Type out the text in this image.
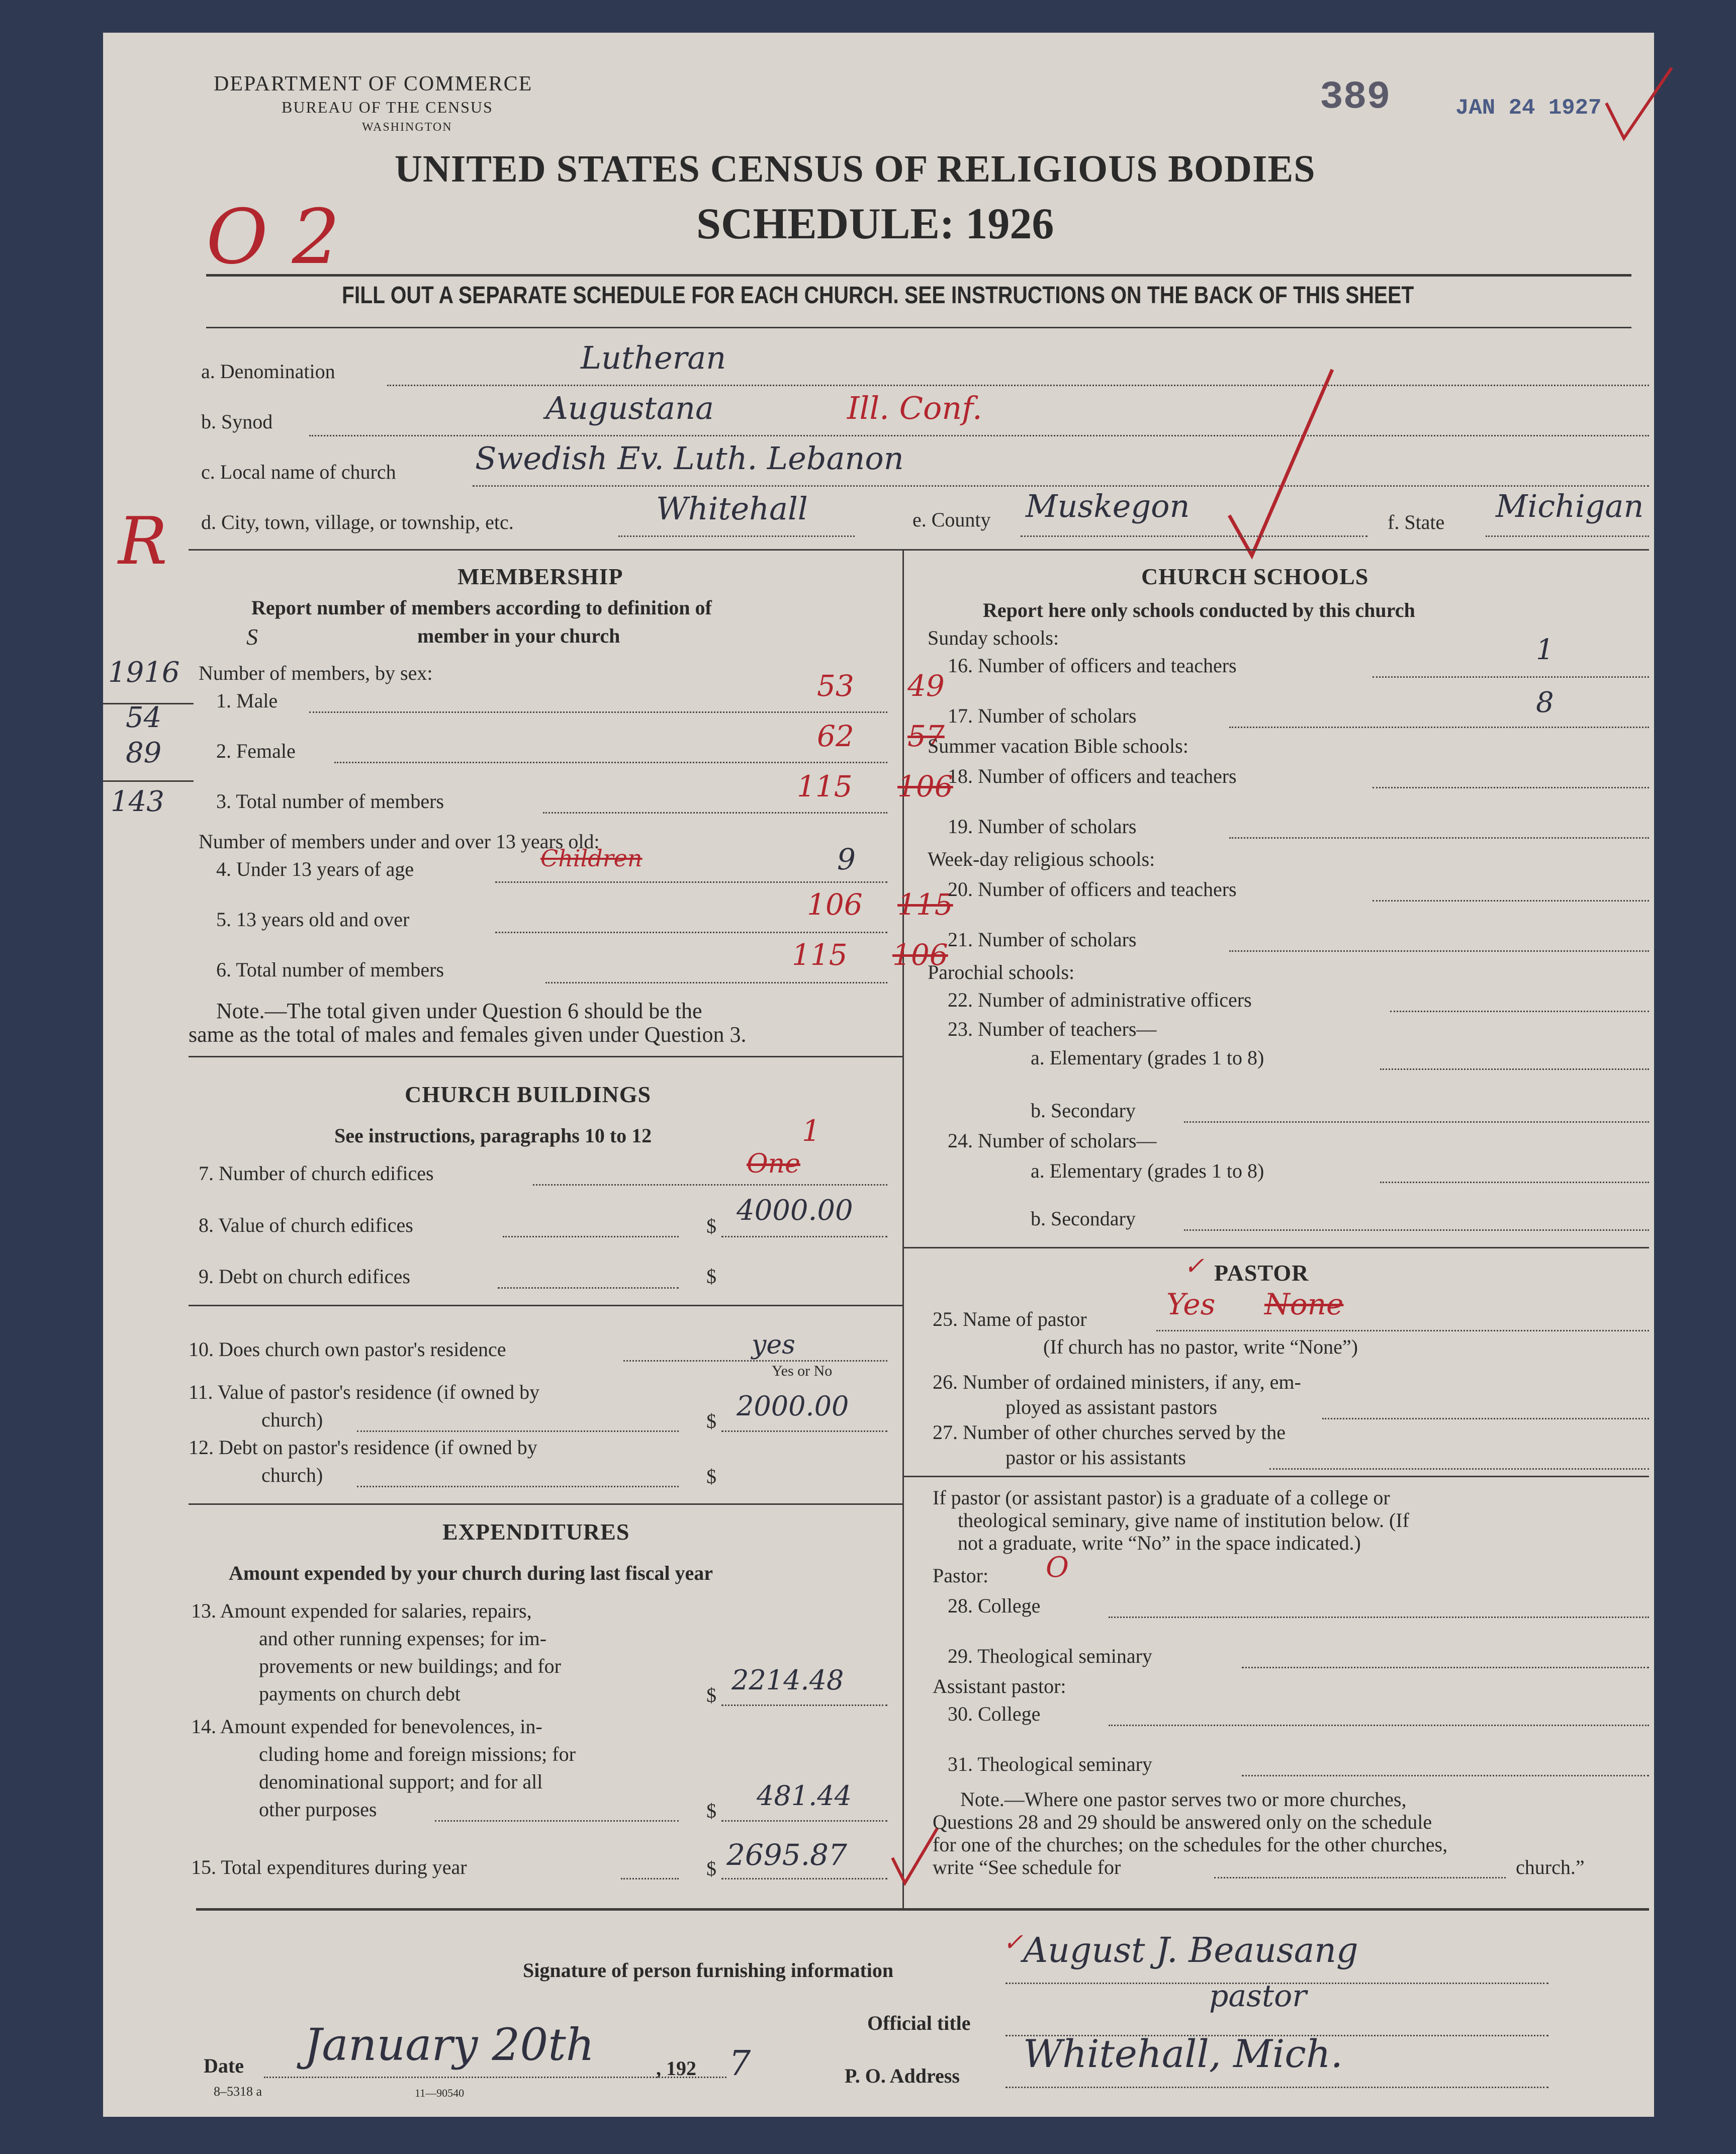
DEPARTMENT OF COMMERCE
BUREAU OF THE CENSUS
WASHINGTON
UNITED STATES CENSUS OF RELIGIOUS BODIES
SCHEDULE: 1926
389	JAN 24 1927
O 2
R
FILL OUT A SEPARATE SCHEDULE FOR EACH CHURCH. SEE INSTRUCTIONS ON THE BACK OF THIS SHEET
a. Denomination	Lutheran
b. Synod	Augustana	Ill. Conf.
c. Local name of church	Swedish Ev. Luth. Lebanon
d. City, town, village, or township, etc.	Whitehall	e. County Muskegon	f. State Michigan
MEMBERSHIP
Report number of members according to definition of
member in your church
S
1916
54
89
143
Number of members, by sex:
1. Male	53 49
2. Female	62 57
3. Total number of members	115 106
Number of members under and over 13 years old:
4. Under 13 years of age	Children	9
5. 13 years old and over	106 115
6. Total number of members	115 106
Note.—The total given under Question 6 should be the
same as the total of males and females given under Question 3.
CHURCH BUILDINGS
See instructions, paragraphs 10 to 12	1
7. Number of church edifices	One
8. Value of church edifices	$ 4000.00
9. Debt on church edifices	$
10. Does church own pastor's residence	yes
Yes or No
11. Value of pastor's residence (if owned by
church)	$ 2000.00
12. Debt on pastor's residence (if owned by
church)	$
EXPENDITURES
Amount expended by your church during last fiscal year
13. Amount expended for salaries, repairs,
and other running expenses; for im-
provements or new buildings; and for
payments on church debt	$ 2214.48
14. Amount expended for benevolences, in-
cluding home and foreign missions; for
denominational support; and for all
other purposes	$ 481.44
15. Total expenditures during year	$ 2695.87
CHURCH SCHOOLS
Report here only schools conducted by this church
Sunday schools:
16. Number of officers and teachers	1
17. Number of scholars	8
Summer vacation Bible schools:
18. Number of officers and teachers
19. Number of scholars
Week-day religious schools:
20. Number of officers and teachers
21. Number of scholars
Parochial schools:
22. Number of administrative officers
23. Number of teachers—
a. Elementary (grades 1 to 8)
b. Secondary
24. Number of scholars—
a. Elementary (grades 1 to 8)
b. Secondary
✓ PASTOR
25. Name of pastor	Yes None
(If church has no pastor, write “None”)
26. Number of ordained ministers, if any, em-
ployed as assistant pastors
27. Number of other churches served by the
pastor or his assistants
If pastor (or assistant pastor) is a graduate of a college or
theological seminary, give name of institution below. (If
not a graduate, write “No” in the space indicated.)
Pastor: O
28. College
29. Theological seminary
Assistant pastor:
30. College
31. Theological seminary
Note.—Where one pastor serves two or more churches,
Questions 28 and 29 should be answered only on the schedule
for one of the churches; on the schedules for the other churches,
write “See schedule for	church.”
Signature of person furnishing information
✓ August J. Beausang
Official title
pastor
Date January 20th	, 192 7	P. O. Address Whitehall, Mich.
8–5318 a	11—90540
